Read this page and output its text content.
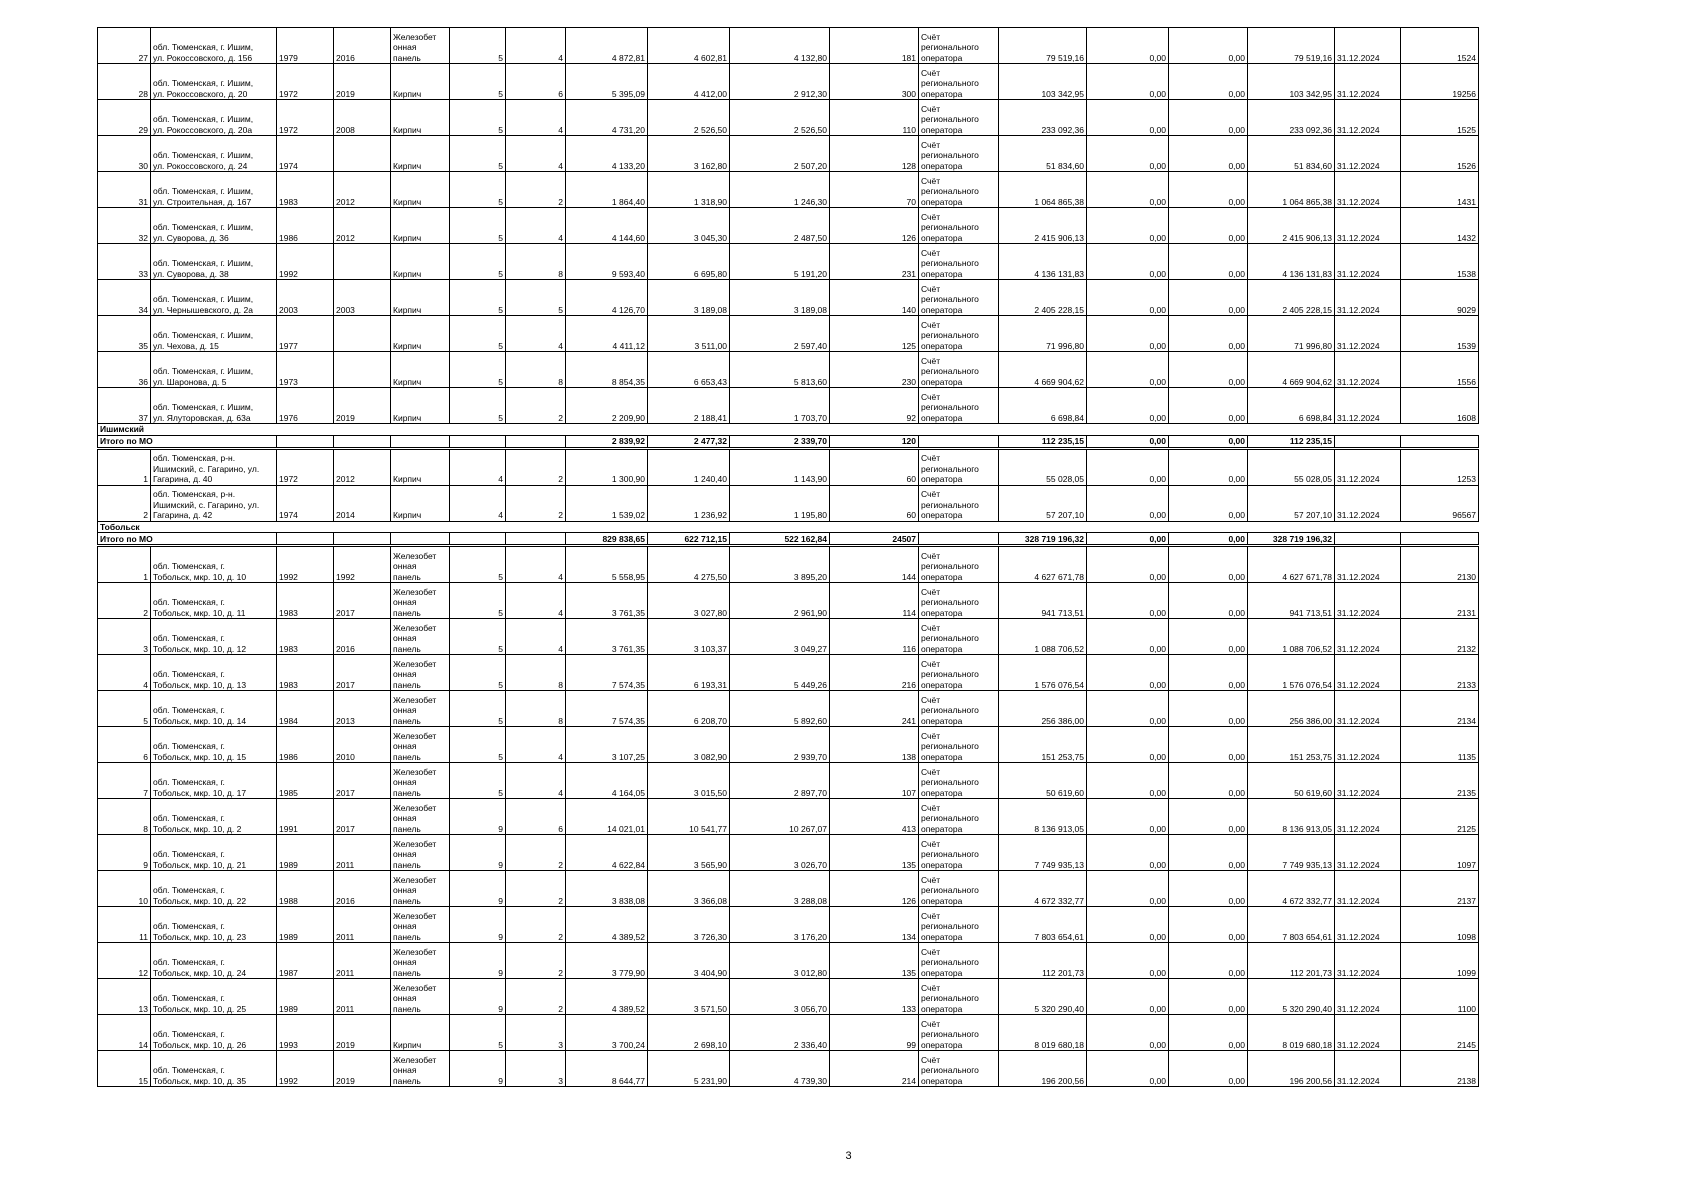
27	обл. Тюменская, г. Ишим,
ул. Рокоссовского, д. 156	1979	2016	Железобет
онная
панель	5	4	4 872,81	4 602,81	4 132,80	181	Счёт
регионального
оператора	79 519,16	0,00	0,00	79 519,16	31.12.2024	1524
28	обл. Тюменская, г. Ишим,
ул. Рокоссовского, д. 20	1972	2019	Кирпич	5	6	5 395,09	4 412,00	2 912,30	300	Счёт
регионального
оператора	103 342,95	0,00	0,00	103 342,95	31.12.2024	19256
29	обл. Тюменская, г. Ишим,
ул. Рокоссовского, д. 20а	1972	2008	Кирпич	5	4	4 731,20	2 526,50	2 526,50	110	Счёт
регионального
оператора	233 092,36	0,00	0,00	233 092,36	31.12.2024	1525
30	обл. Тюменская, г. Ишим,
ул. Рокоссовского, д. 24	1974		Кирпич	5	4	4 133,20	3 162,80	2 507,20	128	Счёт
регионального
оператора	51 834,60	0,00	0,00	51 834,60	31.12.2024	1526
31	обл. Тюменская, г. Ишим,
ул. Строительная, д. 167	1983	2012	Кирпич	5	2	1 864,40	1 318,90	1 246,30	70	Счёт
регионального
оператора	1 064 865,38	0,00	0,00	1 064 865,38	31.12.2024	1431
32	обл. Тюменская, г. Ишим,
ул. Суворова, д. 36	1986	2012	Кирпич	5	4	4 144,60	3 045,30	2 487,50	126	Счёт
регионального
оператора	2 415 906,13	0,00	0,00	2 415 906,13	31.12.2024	1432
33	обл. Тюменская, г. Ишим,
ул. Суворова, д. 38	1992		Кирпич	5	8	9 593,40	6 695,80	5 191,20	231	Счёт
регионального
оператора	4 136 131,83	0,00	0,00	4 136 131,83	31.12.2024	1538
34	обл. Тюменская, г. Ишим,
ул. Чернышевского, д. 2а	2003	2003	Кирпич	5	5	4 126,70	3 189,08	3 189,08	140	Счёт
регионального
оператора	2 405 228,15	0,00	0,00	2 405 228,15	31.12.2024	9029
35	обл. Тюменская, г. Ишим,
ул. Чехова, д. 15	1977		Кирпич	5	4	4 411,12	3 511,00	2 597,40	125	Счёт
регионального
оператора	71 996,80	0,00	0,00	71 996,80	31.12.2024	1539
36	обл. Тюменская, г. Ишим,
ул. Шаронова, д. 5	1973		Кирпич	5	8	8 854,35	6 653,43	5 813,60	230	Счёт
регионального
оператора	4 669 904,62	0,00	0,00	4 669 904,62	31.12.2024	1556
37	обл. Тюменская, г. Ишим,
ул. Ялуторовская, д. 63а	1976	2019	Кирпич	5	2	2 209,90	2 188,41	1 703,70	92	Счёт
регионального
оператора	6 698,84	0,00	0,00	6 698,84	31.12.2024	1608
Ишимский																	
Итого по МО							2 839,92	2 477,32	2 339,70	120		112 235,15	0,00	0,00	112 235,15		
1	обл. Тюменская, р-н.
Ишимский, с. Гагарино, ул.
Гагарина, д. 40	1972	2012	Кирпич	4	2	1 300,90	1 240,40	1 143,90	60	Счёт
регионального
оператора	55 028,05	0,00	0,00	55 028,05	31.12.2024	1253
2	обл. Тюменская, р-н.
Ишимский, с. Гагарино, ул.
Гагарина, д. 42	1974	2014	Кирпич	4	2	1 539,02	1 236,92	1 195,80	60	Счёт
регионального
оператора	57 207,10	0,00	0,00	57 207,10	31.12.2024	96567
Тобольск																	
Итого по МО							829 838,65	622 712,15	522 162,84	24507		328 719 196,32	0,00	0,00	328 719 196,32		
1	обл. Тюменская, г.
Тобольск, мкр. 10, д. 10	1992	1992	Железобет
онная
панель	5	4	5 558,95	4 275,50	3 895,20	144	Счёт
регионального
оператора	4 627 671,78	0,00	0,00	4 627 671,78	31.12.2024	2130
2	обл. Тюменская, г.
Тобольск, мкр. 10, д. 11	1983	2017	Железобет
онная
панель	5	4	3 761,35	3 027,80	2 961,90	114	Счёт
регионального
оператора	941 713,51	0,00	0,00	941 713,51	31.12.2024	2131
3	обл. Тюменская, г.
Тобольск, мкр. 10, д. 12	1983	2016	Железобет
онная
панель	5	4	3 761,35	3 103,37	3 049,27	116	Счёт
регионального
оператора	1 088 706,52	0,00	0,00	1 088 706,52	31.12.2024	2132
4	обл. Тюменская, г.
Тобольск, мкр. 10, д. 13	1983	2017	Железобет
онная
панель	5	8	7 574,35	6 193,31	5 449,26	216	Счёт
регионального
оператора	1 576 076,54	0,00	0,00	1 576 076,54	31.12.2024	2133
5	обл. Тюменская, г.
Тобольск, мкр. 10, д. 14	1984	2013	Железобет
онная
панель	5	8	7 574,35	6 208,70	5 892,60	241	Счёт
регионального
оператора	256 386,00	0,00	0,00	256 386,00	31.12.2024	2134
6	обл. Тюменская, г.
Тобольск, мкр. 10, д. 15	1986	2010	Железобет
онная
панель	5	4	3 107,25	3 082,90	2 939,70	138	Счёт
регионального
оператора	151 253,75	0,00	0,00	151 253,75	31.12.2024	1135
7	обл. Тюменская, г.
Тобольск, мкр. 10, д. 17	1985	2017	Железобет
онная
панель	5	4	4 164,05	3 015,50	2 897,70	107	Счёт
регионального
оператора	50 619,60	0,00	0,00	50 619,60	31.12.2024	2135
8	обл. Тюменская, г.
Тобольск, мкр. 10, д. 2	1991	2017	Железобет
онная
панель	9	6	14 021,01	10 541,77	10 267,07	413	Счёт
регионального
оператора	8 136 913,05	0,00	0,00	8 136 913,05	31.12.2024	2125
9	обл. Тюменская, г.
Тобольск, мкр. 10, д. 21	1989	2011	Железобет
онная
панель	9	2	4 622,84	3 565,90	3 026,70	135	Счёт
регионального
оператора	7 749 935,13	0,00	0,00	7 749 935,13	31.12.2024	1097
10	обл. Тюменская, г.
Тобольск, мкр. 10, д. 22	1988	2016	Железобет
онная
панель	9	2	3 838,08	3 366,08	3 288,08	126	Счёт
регионального
оператора	4 672 332,77	0,00	0,00	4 672 332,77	31.12.2024	2137
11	обл. Тюменская, г.
Тобольск, мкр. 10, д. 23	1989	2011	Железобет
онная
панель	9	2	4 389,52	3 726,30	3 176,20	134	Счёт
регионального
оператора	7 803 654,61	0,00	0,00	7 803 654,61	31.12.2024	1098
12	обл. Тюменская, г.
Тобольск, мкр. 10, д. 24	1987	2011	Железобет
онная
панель	9	2	3 779,90	3 404,90	3 012,80	135	Счёт
регионального
оператора	112 201,73	0,00	0,00	112 201,73	31.12.2024	1099
13	обл. Тюменская, г.
Тобольск, мкр. 10, д. 25	1989	2011	Железобет
онная
панель	9	2	4 389,52	3 571,50	3 056,70	133	Счёт
регионального
оператора	5 320 290,40	0,00	0,00	5 320 290,40	31.12.2024	1100
14	обл. Тюменская, г.
Тобольск, мкр. 10, д. 26	1993	2019	Кирпич	5	3	3 700,24	2 698,10	2 336,40	99	Счёт
регионального
оператора	8 019 680,18	0,00	0,00	8 019 680,18	31.12.2024	2145
15	обл. Тюменская, г.
Тобольск, мкр. 10, д. 35	1992	2019	Железобет
онная
панель	9	3	8 644,77	5 231,90	4 739,30	214	Счёт
регионального
оператора	196 200,56	0,00	0,00	196 200,56	31.12.2024	2138
3
